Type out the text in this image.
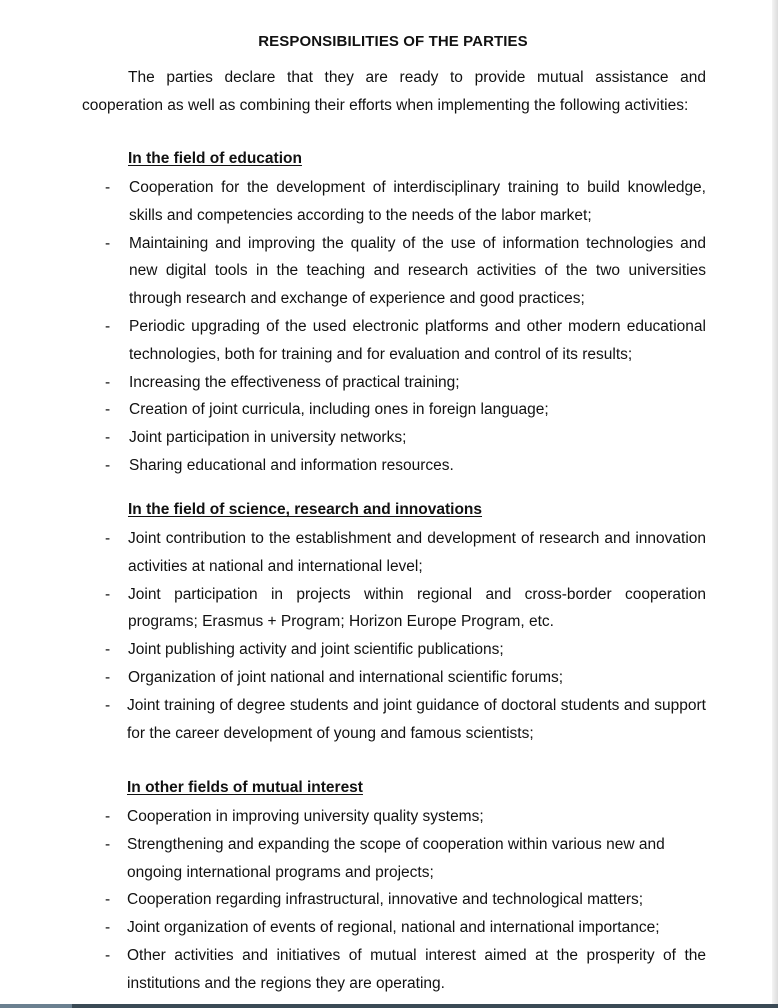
RESPONSIBILITIES OF THE PARTIES
The parties declare that they are ready to provide mutual assistance and cooperation as well as combining their efforts when implementing the following activities:
In the field of education
- Cooperation for the development of interdisciplinary training to build knowledge, skills and competencies according to the needs of the labor market;
- Maintaining and improving the quality of the use of information technologies and new digital tools in the teaching and research activities of the two universities through research and exchange of experience and good practices;
- Periodic upgrading of the used electronic platforms and other modern educational technologies, both for training and for evaluation and control of its results;
- Increasing the effectiveness of practical training;
- Creation of joint curricula, including ones in foreign language;
- Joint participation in university networks;
- Sharing educational and information resources.
In the field of science, research and innovations
- Joint contribution to the establishment and development of research and innovation activities at national and international level;
- Joint participation in projects within regional and cross-border cooperation programs; Erasmus + Program; Horizon Europe Program, etc.
- Joint publishing activity and joint scientific publications;
- Organization of joint national and international scientific forums;
- Joint training of degree students and joint guidance of doctoral students and support for the career development of young and famous scientists;
In other fields of mutual interest
- Cooperation in improving university quality systems;
- Strengthening and expanding the scope of cooperation within various new and ongoing international programs and projects;
- Cooperation regarding infrastructural, innovative and technological matters;
- Joint organization of events of regional, national and international importance;
- Other activities and initiatives of mutual interest aimed at the prosperity of the institutions and the regions they are operating.
